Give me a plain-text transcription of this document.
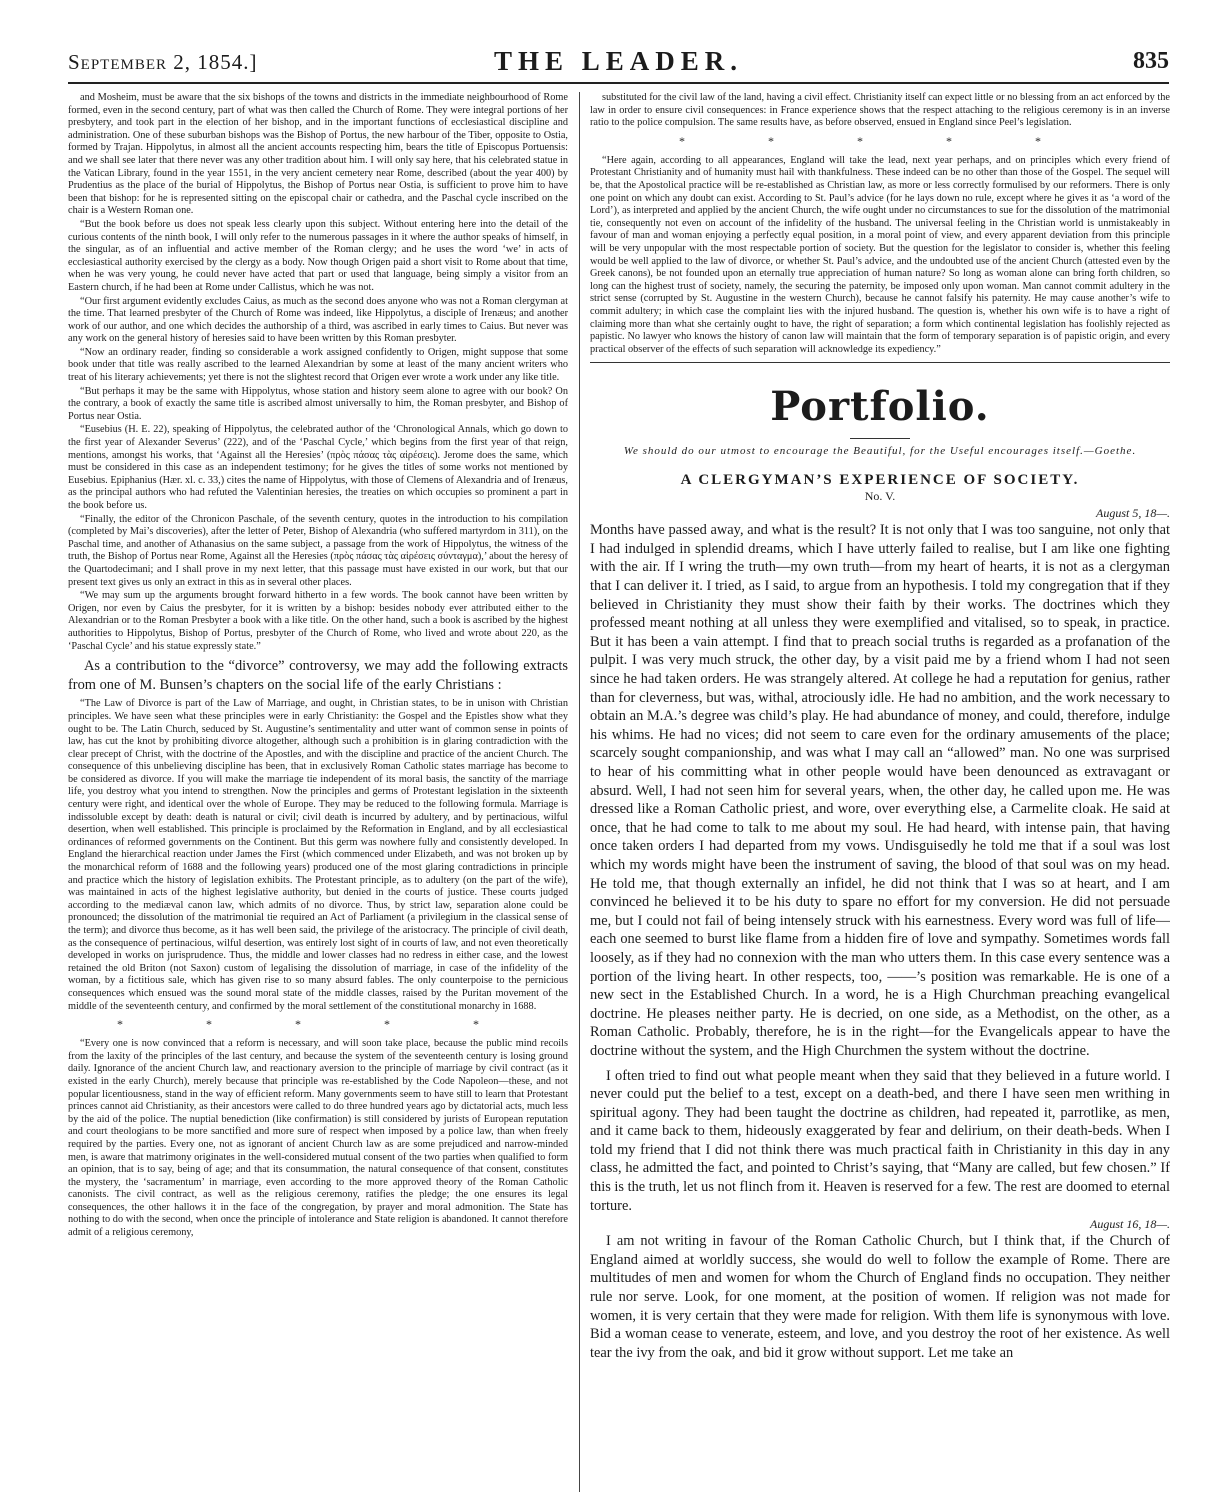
September 2, 1854.]	THE LEADER.	835

and Mosheim, must be aware that the six bishops of the towns and districts in the immediate neighbourhood of Rome formed, even in the second century, part of what was then called the Church of Rome. They were integral portions of her presbytery, and took part in the election of her bishop, and in the important functions of ecclesiastical discipline and administration. One of these suburban bishops was the Bishop of Portus, the new harbour of the Tiber, opposite to Ostia, formed by Trajan. Hippolytus, in almost all the ancient accounts respecting him, bears the title of Episcopus Portuensis: and we shall see later that there never was any other tradition about him. I will only say here, that his celebrated statue in the Vatican Library, found in the year 1551, in the very ancient cemetery near Rome, described (about the year 400) by Prudentius as the place of the burial of Hippolytus, the Bishop of Portus near Ostia, is sufficient to prove him to have been that bishop: for he is represented sitting on the episcopal chair or cathedra, and the Paschal cycle inscribed on the chair is a Western Roman one.

“But the book before us does not speak less clearly upon this subject. Without entering here into the detail of the curious contents of the ninth book, I will only refer to the numerous passages in it where the author speaks of himself, in the singular, as of an influential and active member of the Roman clergy; and he uses the word ‘we’ in acts of ecclesiastical authority exercised by the clergy as a body. Now though Origen paid a short visit to Rome about that time, when he was very young, he could never have acted that part or used that language, being simply a visitor from an Eastern church, if he had been at Rome under Callistus, which he was not.

“Our first argument evidently excludes Caius, as much as the second does anyone who was not a Roman clergyman at the time. That learned presbyter of the Church of Rome was indeed, like Hippolytus, a disciple of Irenæus; and another work of our author, and one which decides the authorship of a third, was ascribed in early times to Caius. But never was any work on the general history of heresies said to have been written by this Roman presbyter.

“Now an ordinary reader, finding so considerable a work assigned confidently to Origen, might suppose that some book under that title was really ascribed to the learned Alexandrian by some at least of the many ancient writers who treat of his literary achievements; yet there is not the slightest record that Origen ever wrote a work under any like title.

“But perhaps it may be the same with Hippolytus, whose station and history seem alone to agree with our book? On the contrary, a book of exactly the same title is ascribed almost universally to him, the Roman presbyter, and Bishop of Portus near Ostia.

“Eusebius (H. E. 22), speaking of Hippolytus, the celebrated author of the ‘Chronological Annals, which go down to the first year of Alexander Severus’ (222), and of the ‘Paschal Cycle,’ which begins from the first year of that reign, mentions, amongst his works, that ‘Against all the Heresies’ (πρὸς πάσας τὰς αἱρέσεις). Jerome does the same, which must be considered in this case as an independent testimony; for he gives the titles of some works not mentioned by Eusebius. Epiphanius (Hær. xl. c. 33,) cites the name of Hippolytus, with those of Clemens of Alexandria and of Irenæus, as the principal authors who had refuted the Valentinian heresies, the treaties on which occupies so prominent a part in the book before us.

“Finally, the editor of the Chronicon Paschale, of the seventh century, quotes in the introduction to his compilation (completed by Mai’s discoveries), after the letter of Peter, Bishop of Alexandria (who suffered martyrdom in 311), on the Paschal time, and another of Athanasius on the same subject, a passage from the work of Hippolytus, the witness of the truth, the Bishop of Portus near Rome, Against all the Heresies (πρὸς πάσας τὰς αἱρέσεις σύνταγμα),’ about the heresy of the Quartodecimani; and I shall prove in my next letter, that this passage must have existed in our work, but that our present text gives us only an extract in this as in several other places.

“We may sum up the arguments brought forward hitherto in a few words. The book cannot have been written by Origen, nor even by Caius the presbyter, for it is written by a bishop: besides nobody ever attributed either to the Alexandrian or to the Roman Presbyter a book with a like title. On the other hand, such a book is ascribed by the highest authorities to Hippolytus, Bishop of Portus, presbyter of the Church of Rome, who lived and wrote about 220, as the ‘Paschal Cycle’ and his statue expressly state.”

As a contribution to the “divorce” controversy, we may add the following extracts from one of M. Bunsen’s chapters on the social life of the early Christians :

“The Law of Divorce is part of the Law of Marriage, and ought, in Christian states, to be in unison with Christian principles. We have seen what these principles were in early Christianity: the Gospel and the Epistles show what they ought to be. The Latin Church, seduced by St. Augustine’s sentimentality and utter want of common sense in points of law, has cut the knot by prohibiting divorce altogether, although such a prohibition is in glaring contradiction with the clear precept of Christ, with the doctrine of the Apostles, and with the discipline and practice of the ancient Church. The consequence of this unbelieving discipline has been, that in exclusively Roman Catholic states marriage has become to be considered as divorce. If you will make the marriage tie independent of its moral basis, the sanctity of the marriage life, you destroy what you intend to strengthen. Now the principles and germs of Protestant legislation in the sixteenth century were right, and identical over the whole of Europe. They may be reduced to the following formula. Marriage is indissoluble except by death: death is natural or civil; civil death is incurred by adultery, and by pertinacious, wilful desertion, when well established. This principle is proclaimed by the Reformation in England, and by all ecclesiastical ordinances of reformed governments on the Continent. But this germ was nowhere fully and consistently developed. In England the hierarchical reaction under James the First (which commenced under Elizabeth, and was not broken up by the monarchical reform of 1688 and the following years) produced one of the most glaring contradictions in principle and practice which the history of legislation exhibits. The Protestant principle, as to adultery (on the part of the wife), was maintained in acts of the highest legislative authority, but denied in the courts of justice. These courts judged according to the mediæval canon law, which admits of no divorce. Thus, by strict law, separation alone could be pronounced; the dissolution of the matrimonial tie required an Act of Parliament (a privilegium in the classical sense of the term); and divorce thus become, as it has well been said, the privilege of the aristocracy. The principle of civil death, as the consequence of pertinacious, wilful desertion, was entirely lost sight of in courts of law, and not even theoretically developed in works on jurisprudence. Thus, the middle and lower classes had no redress in either case, and the lowest retained the old Briton (not Saxon) custom of legalising the dissolution of marriage, in case of the infidelity of the woman, by a fictitious sale, which has given rise to so many absurd fables. The only counterpoise to the pernicious consequences which ensued was the sound moral state of the middle classes, raised by the Puritan movement of the middle of the seventeenth century, and confirmed by the moral settlement of the constitutional monarchy in 1688.

* * * * *

“Every one is now convinced that a reform is necessary, and will soon take place, because the public mind recoils from the laxity of the principles of the last century, and because the system of the seventeenth century is losing ground daily. Ignorance of the ancient Church law, and reactionary aversion to the principle of marriage by civil contract (as it existed in the early Church), merely because that principle was re-established by the Code Napoleon—these, and not popular licentiousness, stand in the way of efficient reform. Many governments seem to have still to learn that Protestant princes cannot aid Christianity, as their ancestors were called to do three hundred years ago by dictatorial acts, much less by the aid of the police. The nuptial benediction (like confirmation) is still considered by jurists of European reputation and court theologians to be more sanctified and more sure of respect when imposed by a police law, than when freely required by the parties. Every one, not as ignorant of ancient Church law as are some prejudiced and narrow-minded men, is aware that matrimony originates in the well-considered mutual consent of the two parties when qualified to form an opinion, that is to say, being of age; and that its consummation, the natural consequence of that consent, constitutes the mystery, the ‘sacramentum’ in marriage, even according to the more approved theory of the Roman Catholic canonists. The civil contract, as well as the religious ceremony, ratifies the pledge; the one ensures its legal consequences, the other hallows it in the face of the congregation, by prayer and moral admonition. The State has nothing to do with the second, when once the principle of intolerance and State religion is abandoned. It cannot therefore admit of a religious ceremony,

substituted for the civil law of the land, having a civil effect. Christianity itself can expect little or no blessing from an act enforced by the law in order to ensure civil consequences: in France experience shows that the respect attaching to the religious ceremony is in an inverse ratio to the police compulsion. The same results have, as before observed, ensued in England since Peel’s legislation.

* * * * *

“Here again, according to all appearances, England will take the lead, next year perhaps, and on principles which every friend of Protestant Christianity and of humanity must hail with thankfulness. These indeed can be no other than those of the Gospel. The sequel will be, that the Apostolical practice will be re-established as Christian law, as more or less correctly formulised by our reformers. There is only one point on which any doubt can exist. According to St. Paul’s advice (for he lays down no rule, except where he gives it as ‘a word of the Lord’), as interpreted and applied by the ancient Church, the wife ought under no circumstances to sue for the dissolution of the matrimonial tie, consequently not even on account of the infidelity of the husband. The universal feeling in the Christian world is unmistakeably in favour of man and woman enjoying a perfectly equal position, in a moral point of view, and every apparent deviation from this principle will be very unpopular with the most respectable portion of society. But the question for the legislator to consider is, whether this feeling would be well applied to the law of divorce, or whether St. Paul’s advice, and the undoubted use of the ancient Church (attested even by the Greek canons), be not founded upon an eternally true appreciation of human nature? So long as woman alone can bring forth children, so long can the highest trust of society, namely, the securing the paternity, be imposed only upon woman. Man cannot commit adultery in the strict sense (corrupted by St. Augustine in the western Church), because he cannot falsify his paternity. He may cause another’s wife to commit adultery; in which case the complaint lies with the injured husband. The question is, whether his own wife is to have a right of claiming more than what she certainly ought to have, the right of separation; a form which continental legislation has foolishly rejected as papistic. No lawyer who knows the history of canon law will maintain that the form of temporary separation is of papistic origin, and every practical observer of the effects of such separation will acknowledge its expediency.”

Portfolio.

We should do our utmost to encourage the Beautiful, for the Useful encourages itself.—Goethe.

A CLERGYMAN’S EXPERIENCE OF SOCIETY.

No. V.

August 5, 18—.

Months have passed away, and what is the result? It is not only that I was too sanguine, not only that I had indulged in splendid dreams, which I have utterly failed to realise, but I am like one fighting with the air. If I wring the truth—my own truth—from my heart of hearts, it is not as a clergyman that I can deliver it. I tried, as I said, to argue from an hypothesis. I told my congregation that if they believed in Christianity they must show their faith by their works. The doctrines which they professed meant nothing at all unless they were exemplified and vitalised, so to speak, in practice. But it has been a vain attempt. I find that to preach social truths is regarded as a profanation of the pulpit. I was very much struck, the other day, by a visit paid me by a friend whom I had not seen since he had taken orders. He was strangely altered. At college he had a reputation for genius, rather than for cleverness, but was, withal, atrociously idle. He had no ambition, and the work necessary to obtain an M.A.’s degree was child’s play. He had abundance of money, and could, therefore, indulge his whims. He had no vices; did not seem to care even for the ordinary amusements of the place; scarcely sought companionship, and was what I may call an “allowed” man. No one was surprised to hear of his committing what in other people would have been denounced as extravagant or absurd. Well, I had not seen him for several years, when, the other day, he called upon me. He was dressed like a Roman Catholic priest, and wore, over everything else, a Carmelite cloak. He said at once, that he had come to talk to me about my soul. He had heard, with intense pain, that having once taken orders I had departed from my vows. Undisguisedly he told me that if a soul was lost which my words might have been the instrument of saving, the blood of that soul was on my head. He told me, that though externally an infidel, he did not think that I was so at heart, and I am convinced he believed it to be his duty to spare no effort for my conversion. He did not persuade me, but I could not fail of being intensely struck with his earnestness. Every word was full of life—each one seemed to burst like flame from a hidden fire of love and sympathy. Sometimes words fall loosely, as if they had no connexion with the man who utters them. In this case every sentence was a portion of the living heart. In other respects, too, ——’s position was remarkable. He is one of a new sect in the Established Church. In a word, he is a High Churchman preaching evangelical doctrine. He pleases neither party. He is decried, on one side, as a Methodist, on the other, as a Roman Catholic. Probably, therefore, he is in the right—for the Evangelicals appear to have the doctrine without the system, and the High Churchmen the system without the doctrine.

I often tried to find out what people meant when they said that they believed in a future world. I never could put the belief to a test, except on a death-bed, and there I have seen men writhing in spiritual agony. They had been taught the doctrine as children, had repeated it, parrotlike, as men, and it came back to them, hideously exaggerated by fear and delirium, on their death-beds. When I told my friend that I did not think there was much practical faith in Christianity in this day in any class, he admitted the fact, and pointed to Christ’s saying, that “Many are called, but few chosen.” If this is the truth, let us not flinch from it. Heaven is reserved for a few. The rest are doomed to eternal torture.

August 16, 18—.

I am not writing in favour of the Roman Catholic Church, but I think that, if the Church of England aimed at worldly success, she would do well to follow the example of Rome. There are multitudes of men and women for whom the Church of England finds no occupation. They neither rule nor serve. Look, for one moment, at the position of women. If religion was not made for women, it is very certain that they were made for religion. With them life is synonymous with love. Bid a woman cease to venerate, esteem, and love, and you destroy the root of her existence. As well tear the ivy from the oak, and bid it grow without support. Let me take an
